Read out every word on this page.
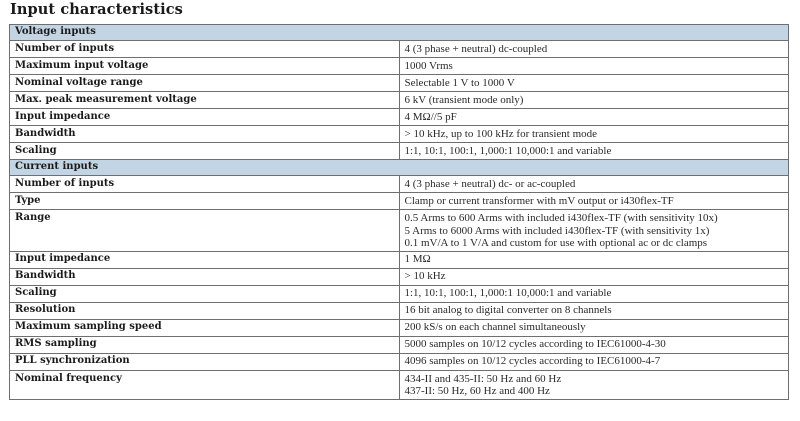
Input characteristics
Voltage inputs	
Number of inputs	4 (3 phase + neutral) dc-coupled
Maximum input voltage	1000 Vrms
Nominal voltage range	Selectable 1 V to 1000 V
Max. peak measurement voltage	6 kV (transient mode only)
Input impedance	4 MΩ//5 pF
Bandwidth	> 10 kHz, up to 100 kHz for transient mode
Scaling	1:1, 10:1, 100:1, 1,000:1 10,000:1 and variable
Current inputs	
Number of inputs	4 (3 phase + neutral) dc- or ac-coupled
Type	Clamp or current transformer with mV output or i430flex-TF
Range	0.5 Arms to 600 Arms with included i430flex-TF (with sensitivity 10x)
5 Arms to 6000 Arms with included i430flex-TF (with sensitivity 1x)
0.1 mV/A to 1 V/A and custom for use with optional ac or dc clamps

Input impedance	1 MΩ
Bandwidth	> 10 kHz
Scaling	1:1, 10:1, 100:1, 1,000:1 10,000:1 and variable
Resolution	16 bit analog to digital converter on 8 channels
Maximum sampling speed	200 kS/s on each channel simultaneously
RMS sampling	5000 samples on 10/12 cycles according to IEC61000-4-30
PLL synchronization	4096 samples on 10/12 cycles according to IEC61000-4-7
Nominal frequency	434-II and 435-II: 50 Hz and 60 Hz
437-II: 50 Hz, 60 Hz and 400 Hz
